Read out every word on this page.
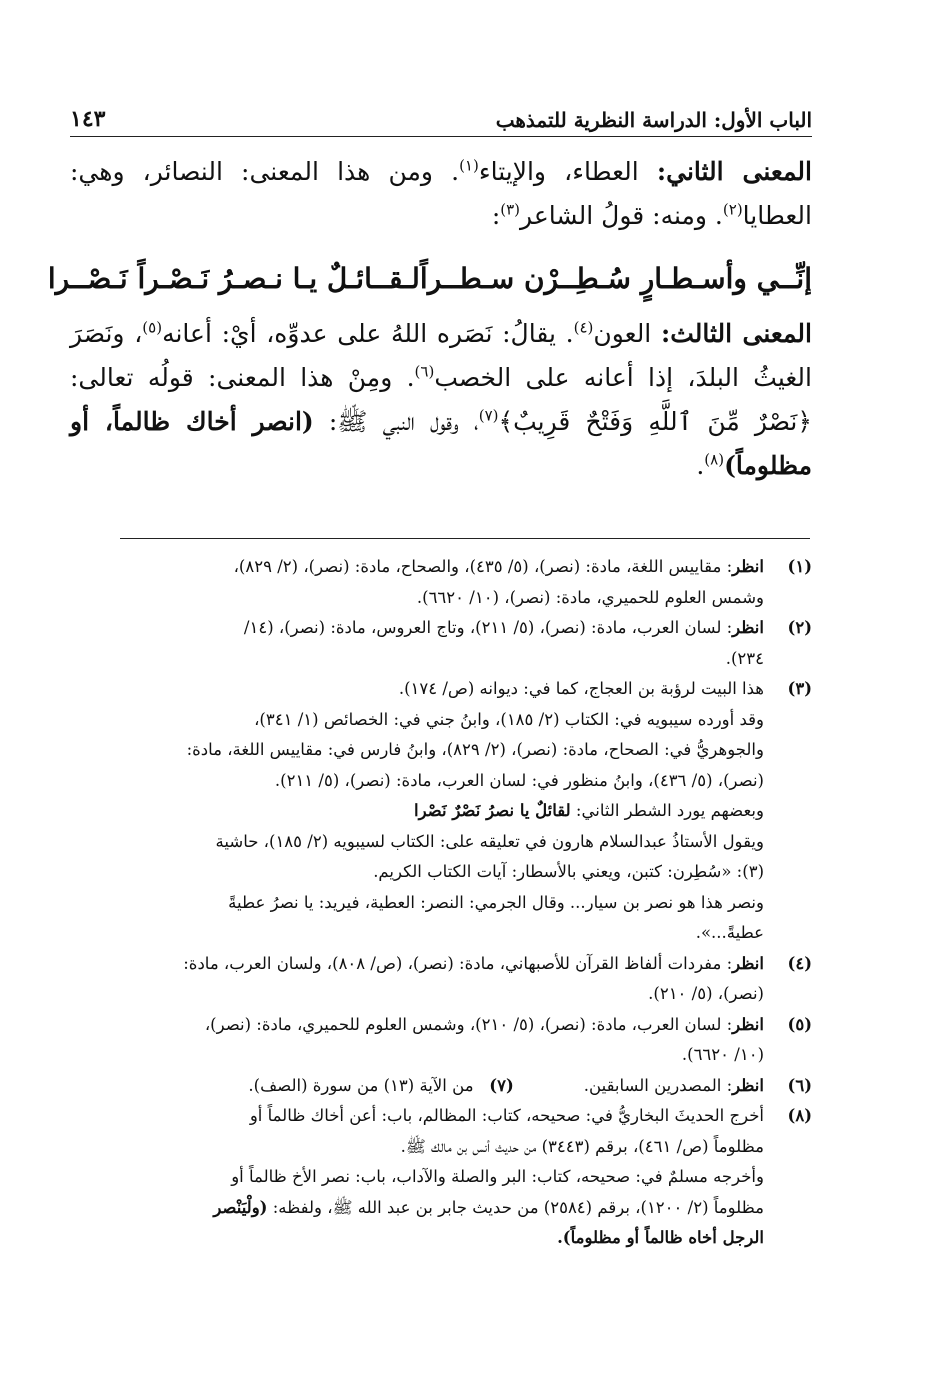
الباب الأول: الدراسة النظرية للتمذهب
١٤٣

المعنى الثاني: العطاء، والإيتاء$^{(١)}$. ومن هذا المعنى: النصائر، وهي: العطايا$^{(٢)}$. ومنه: قولُ الشاعر$^{(٣)}$:

إنِّــي وأسـطـارٍ سُـطِــرْن سـطــراً
لـقــائـلٌ يـا نـصـرُ نَـصْـراً نَـصْــرا

المعنى الثالث: العون$^{(٤)}$. يقالُ: نَصَره اللهُ على عدوِّه، أيْ: أعانه$^{(٥)}$، ونَصَرَ الغيثُ البلدَ، إذا أعانه على الخصب$^{(٦)}$. ومِنْ هذا المعنى: قولُه تعالى: ﴿نَصْرٌ مِّنَ ٱللَّهِ وَفَتْحٌ قَرِيبٌ﴾$^{(٧)}$، وقول النبي ﷺ: (انصر أخاك ظالماً، أو مظلوماً)$^{(٨)}$.

(١)
انظر: مقاييس اللغة، مادة: (نصر)، (٥/ ٤٣٥)، والصحاح، مادة: (نصر)، (٢/ ٨٢٩)،
وشمس العلوم للحميري، مادة: (نصر)، (١٠/ ٦٦٢٠).
(٢)
انظر: لسان العرب، مادة: (نصر)، (٥/ ٢١١)، وتاج العروس، مادة: (نصر)، (١٤/
٢٣٤).
(٣)
هذا البيت لرؤبة بن العجاج، كما في: ديوانه (ص/ ١٧٤).
وقد أورده سيبويه في: الكتاب (٢/ ١٨٥)، وابنُ جني في: الخصائص (١/ ٣٤١)،
والجوهريُّ في: الصحاح، مادة: (نصر)، (٢/ ٨٢٩)، وابنُ فارس في: مقاييس اللغة، مادة:
(نصر)، (٥/ ٤٣٦)، وابنُ منظور في: لسان العرب، مادة: (نصر)، (٥/ ٢١١).
وبعضهم يورد الشطر الثاني: لقائلٌ يا نصرُ نَصْرٌ نَصْرا
ويقول الأستاذُ عبدالسلام هارون في تعليقه على: الكتاب لسيبويه (٢/ ١٨٥)، حاشية
(٣): «سُطِرن: كتبن، ويعني بالأسطار: آيات الكتاب الكريم.
ونصر هذا هو نصر بن سيار... وقال الجرمي: النصر: العطية، فيريد: يا نصرُ عطيةً
عطيةً...».
(٤)
انظر: مفردات ألفاظ القرآن للأصبهاني، مادة: (نصر)، (ص/ ٨٠٨)، ولسان العرب، مادة:
(نصر)، (٥/ ٢١٠).
(٥)
انظر: لسان العرب، مادة: (نصر)، (٥/ ٢١٠)، وشمس العلوم للحميري، مادة: (نصر)،
(١٠/ ٦٦٢٠).
(٦)
انظر: المصدرين السابقين.
(٧)   من الآية (١٣) من سورة (الصف).
(٨)
أخرج الحديثَ البخاريُّ في: صحيحه، كتاب: المظالم، باب: أعن أخاك ظالماً أو
مظلوماً (ص/ ٤٦١)، برقم (٣٤٤٣) من حديث أنس بن مالك ﷺ.
وأخرجه مسلمٌ في: صحيحه، كتاب: البر والصلة والآداب، باب: نصر الأخ ظالماً أو
مظلوماً (٢/ ١٢٠٠)، برقم (٢٥٨٤) من حديث جابر بن عبد الله ﷺ، ولفظه: (ولْيَنْصر
الرجل أخاه ظالماً أو مظلوماً).
